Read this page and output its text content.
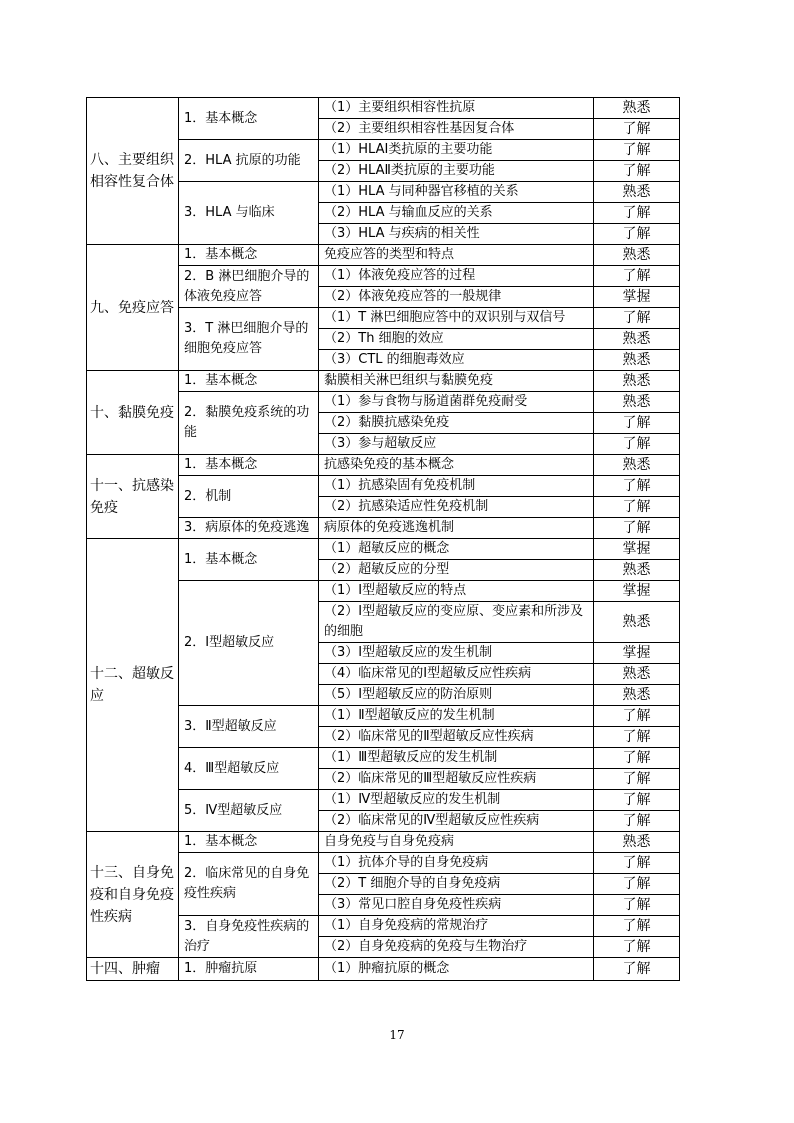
八、主要组织相容性复合体	1．基本概念	（1）主要组织相容性抗原	熟悉
		（2）主要组织相容性基因复合体	了解
	2．HLA 抗原的功能	（1）HLAⅠ类抗原的主要功能	了解
		（2）HLAⅡ类抗原的主要功能	了解
	3．HLA 与临床	（1）HLA 与同种器官移植的关系	熟悉
		（2）HLA 与输血反应的关系	了解
		（3）HLA 与疾病的相关性	了解
九、免疫应答	1．基本概念	免疫应答的类型和特点	熟悉
	2．B 淋巴细胞介导的体液免疫应答	（1）体液免疫应答的过程	了解
		（2）体液免疫应答的一般规律	掌握
	3．T 淋巴细胞介导的细胞免疫应答	（1）T 淋巴细胞应答中的双识别与双信号	了解
		（2）Th 细胞的效应	熟悉
		（3）CTL 的细胞毒效应	熟悉
十、黏膜免疫	1．基本概念	黏膜相关淋巴组织与黏膜免疫	熟悉
	2．黏膜免疫系统的功能	（1）参与食物与肠道菌群免疫耐受	熟悉
		（2）黏膜抗感染免疫	了解
		（3）参与超敏反应	了解
十一、抗感染免疫	1．基本概念	抗感染免疫的基本概念	熟悉
	2．机制	（1）抗感染固有免疫机制	了解
		（2）抗感染适应性免疫机制	了解
	3．病原体的免疫逃逸	病原体的免疫逃逸机制	了解
十二、超敏反应	1．基本概念	（1）超敏反应的概念	掌握
		（2）超敏反应的分型	熟悉
	2．Ⅰ型超敏反应	（1）Ⅰ型超敏反应的特点	掌握
		（2）Ⅰ型超敏反应的变应原、变应素和所涉及的细胞	熟悉
		（3）Ⅰ型超敏反应的发生机制	掌握
		（4）临床常见的Ⅰ型超敏反应性疾病	熟悉
		（5）Ⅰ型超敏反应的防治原则	熟悉
	3．Ⅱ型超敏反应	（1）Ⅱ型超敏反应的发生机制	了解
		（2）临床常见的Ⅱ型超敏反应性疾病	了解
	4．Ⅲ型超敏反应	（1）Ⅲ型超敏反应的发生机制	了解
		（2）临床常见的Ⅲ型超敏反应性疾病	了解
	5．Ⅳ型超敏反应	（1）Ⅳ型超敏反应的发生机制	了解
		（2）临床常见的Ⅳ型超敏反应性疾病	了解
十三、自身免疫和自身免疫性疾病	1．基本概念	自身免疫与自身免疫病	熟悉
	2．临床常见的自身免疫性疾病	（1）抗体介导的自身免疫病	了解
		（2）T 细胞介导的自身免疫病	了解
		（3）常见口腔自身免疫性疾病	了解
	3．自身免疫性疾病的治疗	（1）自身免疫病的常规治疗	了解
		（2）自身免疫病的免疫与生物治疗	了解
十四、肿瘤	1．肿瘤抗原	（1）肿瘤抗原的概念	了解
17
